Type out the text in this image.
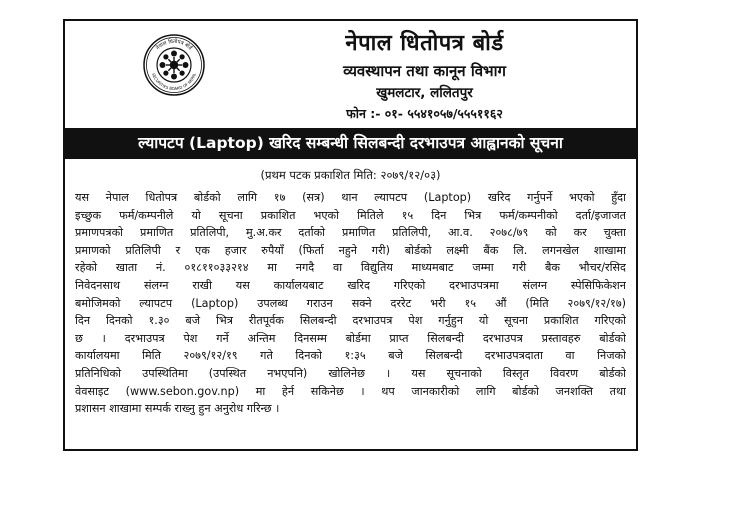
नेपाल धितोपत्र बोर्ड
SECURITIES BOARD OF NEPAL
नेपाल धितोपत्र बोर्ड
व्यवस्थापन तथा कानून विभाग
खुमलटार, ललितपुर
फोन :- ०१- ५५४१०५७/५५५११६२
ल्यापटप (Laptop) खरिद सम्बन्धी सिलबन्दी दरभाउपत्र आह्वानको सूचना
(प्रथम पटक प्रकाशित मिति: २०७९/१२/०३)
यस नेपाल धितोपत्र बोर्डको लागि १७ (सत्र) थान ल्यापटप (Laptop) खरिद गर्नुपर्ने भएको हुँदा
इच्छुक फर्म/कम्पनीले यो सूचना प्रकाशित भएको मितिले १५ दिन भित्र फर्म/कम्पनीको दर्ता/इजाजत
प्रमाणपत्रको प्रमाणित प्रतिलिपी, मु.अ.कर दर्ताको प्रमाणित प्रतिलिपी, आ.व. २०७८/७९ को कर चुक्ता
प्रमाणको प्रतिलिपी र एक हजार रुपैयाँ (फिर्ता नहुने गरी) बोर्डको लक्ष्मी बैंक लि. लगनखेल शाखामा
रहेको खाता नं. ०१८११०३३२१४ मा नगदै वा विद्युतिय माध्यमबाट जम्मा गरी बैक भौचर/रसिद
निवेदनसाथ संलग्न राखी यस कार्यालयबाट खरिद गरिएको दरभाउपत्रमा संलग्न स्पेसिफिकेशन
बमोजिमको ल्यापटप (Laptop) उपलब्ध गराउन सक्ने दररेट भरी १५ औं (मिति २०७९/१२/१७)
दिन दिनको १.३० बजे भित्र रीतपूर्वक सिलबन्दी दरभाउपत्र पेश गर्नुहुन यो सूचना प्रकाशित गरिएको
छ । दरभाउपत्र पेश गर्ने अन्तिम दिनसम्म बोर्डमा प्राप्त सिलबन्दी दरभाउपत्र प्रस्तावहरु बोर्डको
कार्यालयमा मिति २०७९/१२/१९ गते दिनको १:३५ बजे सिलबन्दी दरभाउपत्रदाता वा निजको
प्रतिनिधिको उपस्थितिमा (उपस्थित नभएपनि) खोलिनेछ । यस सूचनाको विस्तृत विवरण बोर्डको
वेवसाइट (www.sebon.gov.np) मा हेर्न सकिनेछ । थप जानकारीको लागि बोर्डको जनशक्ति तथा
प्रशासन शाखामा सम्पर्क राख्नु हुन अनुरोध गरिन्छ ।
